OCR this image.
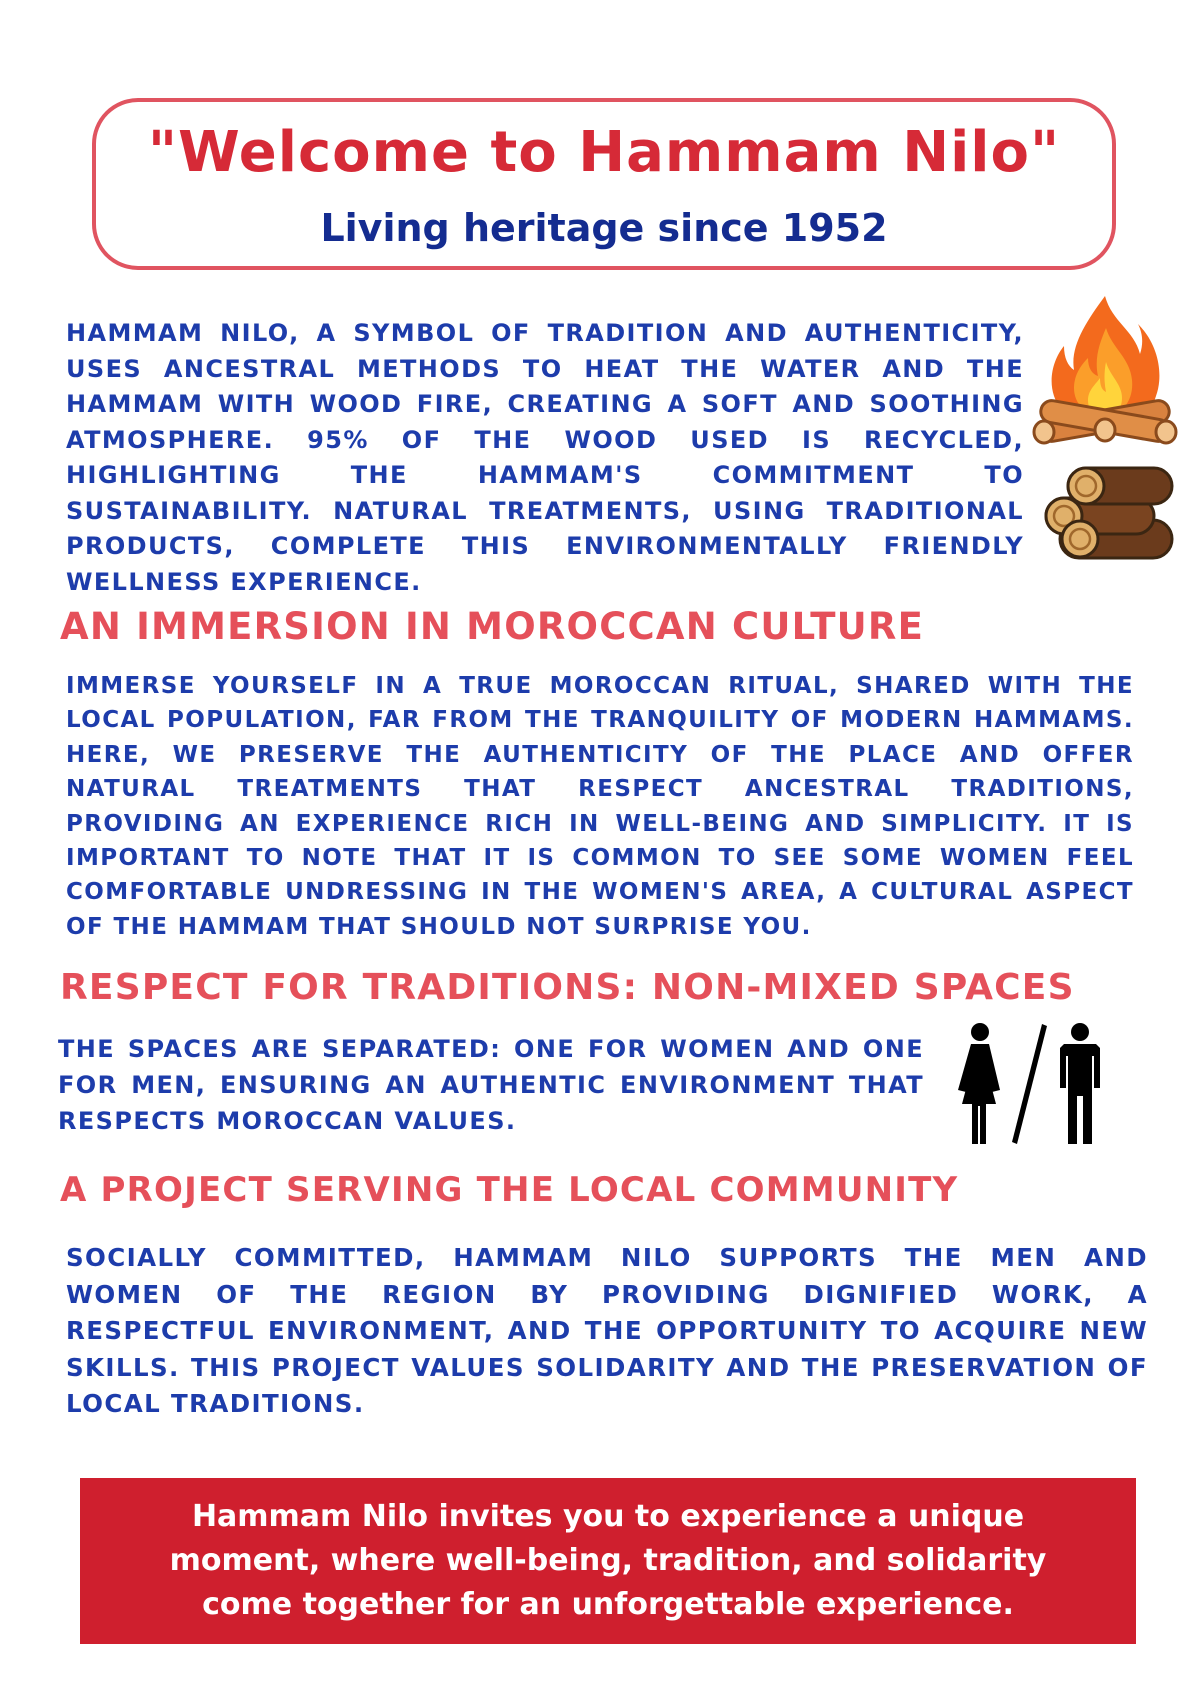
"Welcome to Hammam Nilo"
Living heritage since 1952

HAMMAM NILO, A SYMBOL OF TRADITION AND AUTHENTICITY, USES ANCESTRAL METHODS TO HEAT THE WATER AND THE HAMMAM WITH WOOD FIRE, CREATING A SOFT AND SOOTHING ATMOSPHERE. 95% OF THE WOOD USED IS RECYCLED, HIGHLIGHTING THE HAMMAM'S COMMITMENT TO SUSTAINABILITY. NATURAL TREATMENTS, USING TRADITIONAL PRODUCTS, COMPLETE THIS ENVIRONMENTALLY FRIENDLY WELLNESS EXPERIENCE.

AN IMMERSION IN MOROCCAN CULTURE

IMMERSE YOURSELF IN A TRUE MOROCCAN RITUAL, SHARED WITH THE LOCAL POPULATION, FAR FROM THE TRANQUILITY OF MODERN HAMMAMS. HERE, WE PRESERVE THE AUTHENTICITY OF THE PLACE AND OFFER NATURAL TREATMENTS THAT RESPECT ANCESTRAL TRADITIONS, PROVIDING AN EXPERIENCE RICH IN WELL-BEING AND SIMPLICITY. IT IS IMPORTANT TO NOTE THAT IT IS COMMON TO SEE SOME WOMEN FEEL COMFORTABLE UNDRESSING IN THE WOMEN'S AREA, A CULTURAL ASPECT OF THE HAMMAM THAT SHOULD NOT SURPRISE YOU.

RESPECT FOR TRADITIONS: NON-MIXED SPACES

THE SPACES ARE SEPARATED: ONE FOR WOMEN AND ONE FOR MEN, ENSURING AN AUTHENTIC ENVIRONMENT THAT RESPECTS MOROCCAN VALUES.

A PROJECT SERVING THE LOCAL COMMUNITY

SOCIALLY COMMITTED, HAMMAM NILO SUPPORTS THE MEN AND WOMEN OF THE REGION BY PROVIDING DIGNIFIED WORK, A RESPECTFUL ENVIRONMENT, AND THE OPPORTUNITY TO ACQUIRE NEW SKILLS. THIS PROJECT VALUES SOLIDARITY AND THE PRESERVATION OF LOCAL TRADITIONS.

Hammam Nilo invites you to experience a unique moment, where well-being, tradition, and solidarity come together for an unforgettable experience.
